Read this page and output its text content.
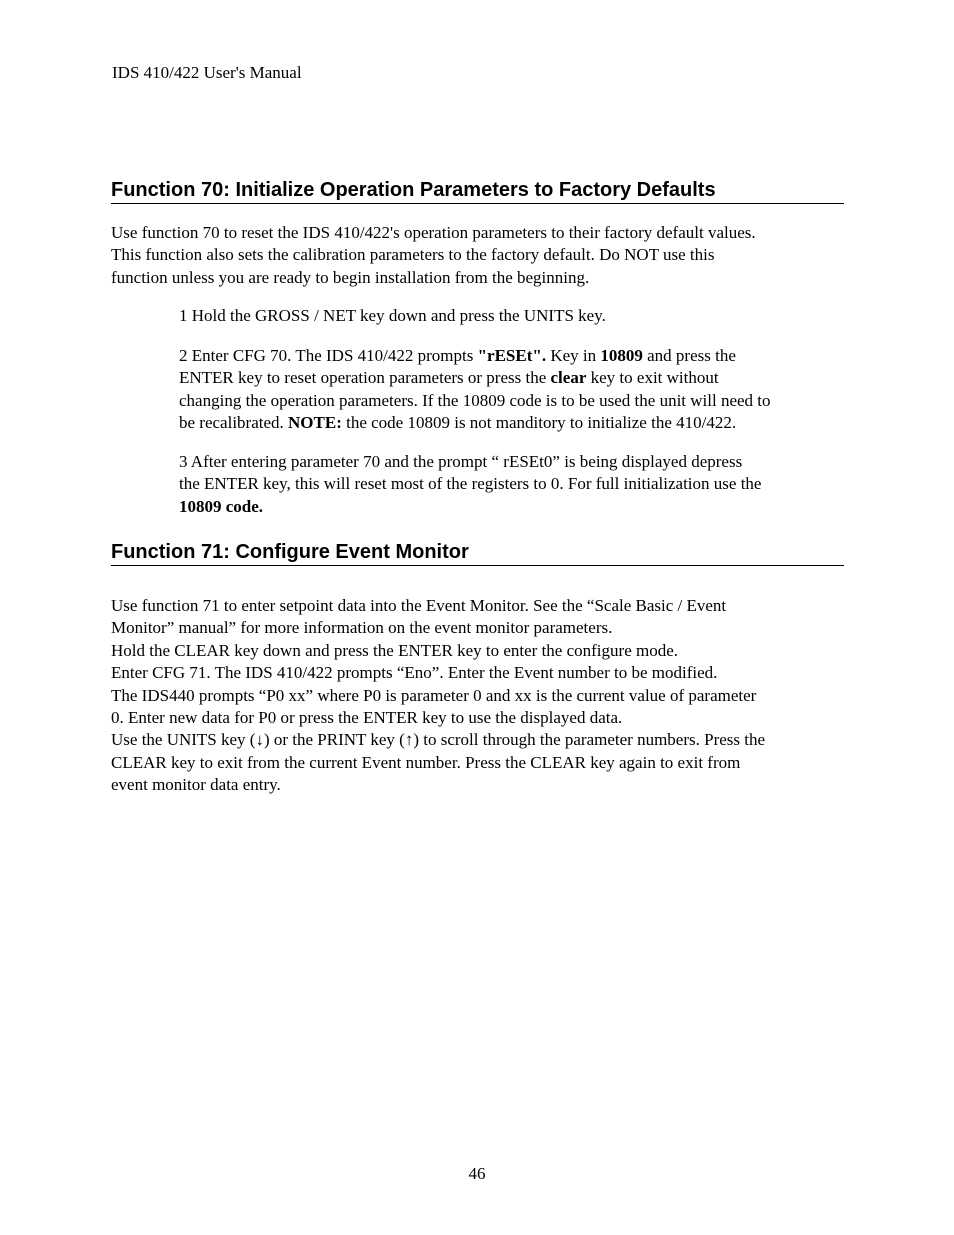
IDS 410/422 User's Manual
Function 70: Initialize Operation Parameters to Factory Defaults

Use function 70 to reset the IDS 410/422's operation parameters to their factory default values.
This function also sets the calibration parameters to the factory default. Do NOT use this
function unless you are ready to begin installation from the beginning.

1 Hold the GROSS / NET key down and press the UNITS key.

2 Enter CFG 70. The IDS 410/422 prompts "rESEt". Key in 10809 and press the
ENTER key to reset operation parameters or press the clear key to exit without
changing the operation parameters. If the 10809 code is to be used the unit will need to
be recalibrated. NOTE: the code 10809 is not manditory to initialize the 410/422.

3 After entering parameter 70 and the prompt “ rESEt0” is being displayed depress
the ENTER key, this will reset most of the registers to 0. For full initialization use the
10809 code.

Function 71: Configure Event Monitor

Use function 71 to enter setpoint data into the Event Monitor. See the “Scale Basic / Event
Monitor” manual” for more information on the event monitor parameters.
Hold the CLEAR key down and press the ENTER key to enter the configure mode.
Enter CFG 71. The IDS 410/422 prompts “Eno”. Enter the Event number to be modified.
The IDS440 prompts “P0 xx” where P0 is parameter 0 and xx is the current value of parameter
0. Enter new data for P0 or press the ENTER key to use the displayed data.
Use the UNITS key (↓) or the PRINT key (↑) to scroll through the parameter numbers. Press the
CLEAR key to exit from the current Event number. Press the CLEAR key again to exit from
event monitor data entry.

46
